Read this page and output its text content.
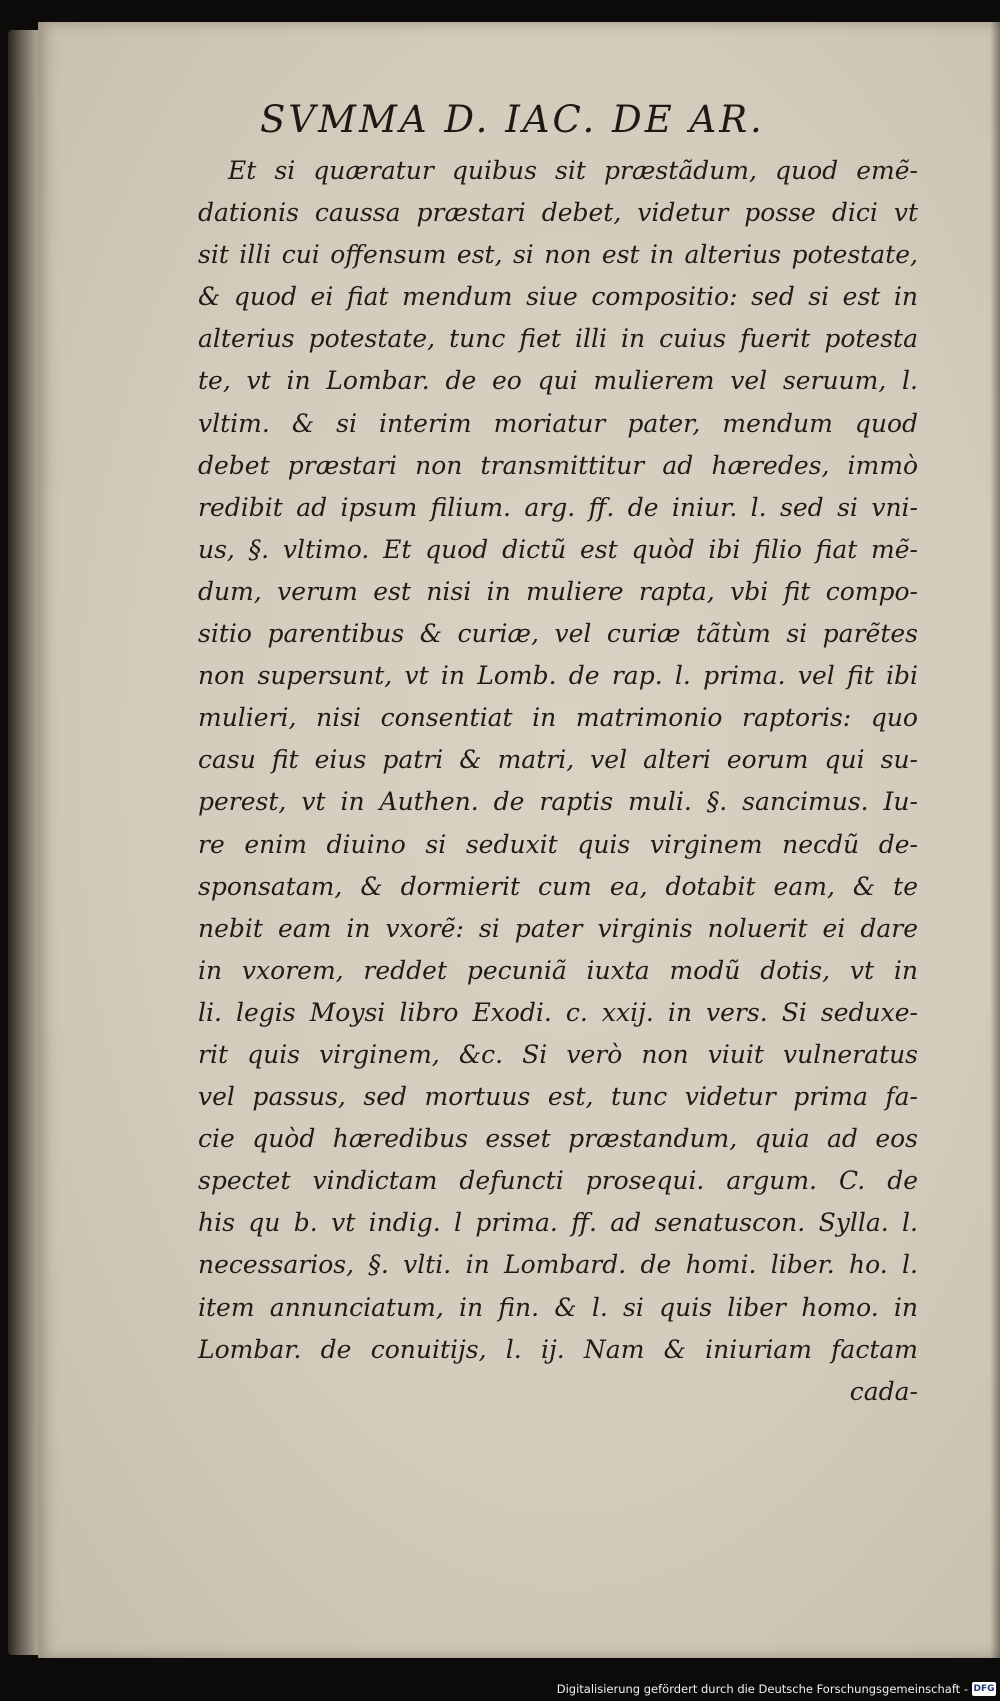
SVMMA D. IAC. DE AR.
Et si quæratur quibus sit præstãdum, quod emẽ-
dationis caussa præstari debet, videtur posse dici vt
sit illi cui offensum est, si non est in alterius potestate,
& quod ei fiat mendum siue compositio: sed si est in
alterius potestate, tunc fiet illi in cuius fuerit potesta
te, vt in Lombar. de eo qui mulierem vel seruum, l.
vltim. & si interim moriatur pater, mendum quod
debet præstari non transmittitur ad hæredes, immò
redibit ad ipsum filium. arg. ff. de iniur. l. sed si vni-
us, §. vltimo. Et quod dictũ est quòd ibi filio fiat mẽ-
dum, verum est nisi in muliere rapta, vbi fit compo-
sitio parentibus & curiæ, vel curiæ tãtùm si parẽtes
non supersunt, vt in Lomb. de rap. l. prima. vel fit ibi
mulieri, nisi consentiat in matrimonio raptoris: quo
casu fit eius patri & matri, vel alteri eorum qui su-
perest, vt in Authen. de raptis muli. §. sancimus. Iu-
re enim diuino si seduxit quis virginem necdũ de-
sponsatam, & dormierit cum ea, dotabit eam, & te
nebit eam in vxorẽ: si pater virginis noluerit ei dare
in vxorem, reddet pecuniã iuxta modũ dotis, vt in
li. legis Moysi libro Exodi. c. xxij. in vers. Si seduxe-
rit quis virginem, &c. Si verò non viuit vulneratus
vel passus, sed mortuus est, tunc videtur prima fa-
cie quòd hæredibus esset præstandum, quia ad eos
spectet vindictam defuncti prosequi. argum. C. de
his qu b. vt indig. l prima. ff. ad senatuscon. Sylla. l.
necessarios, §. vlti. in Lombard. de homi. liber. ho. l.
item annunciatum, in fin. & l. si quis liber homo. in
Lombar. de conuitijs, l. ij. Nam & iniuriam factam
cada-
Digitalisierung gefördert durch die Deutsche Forschungsgemeinschaft - DFG
